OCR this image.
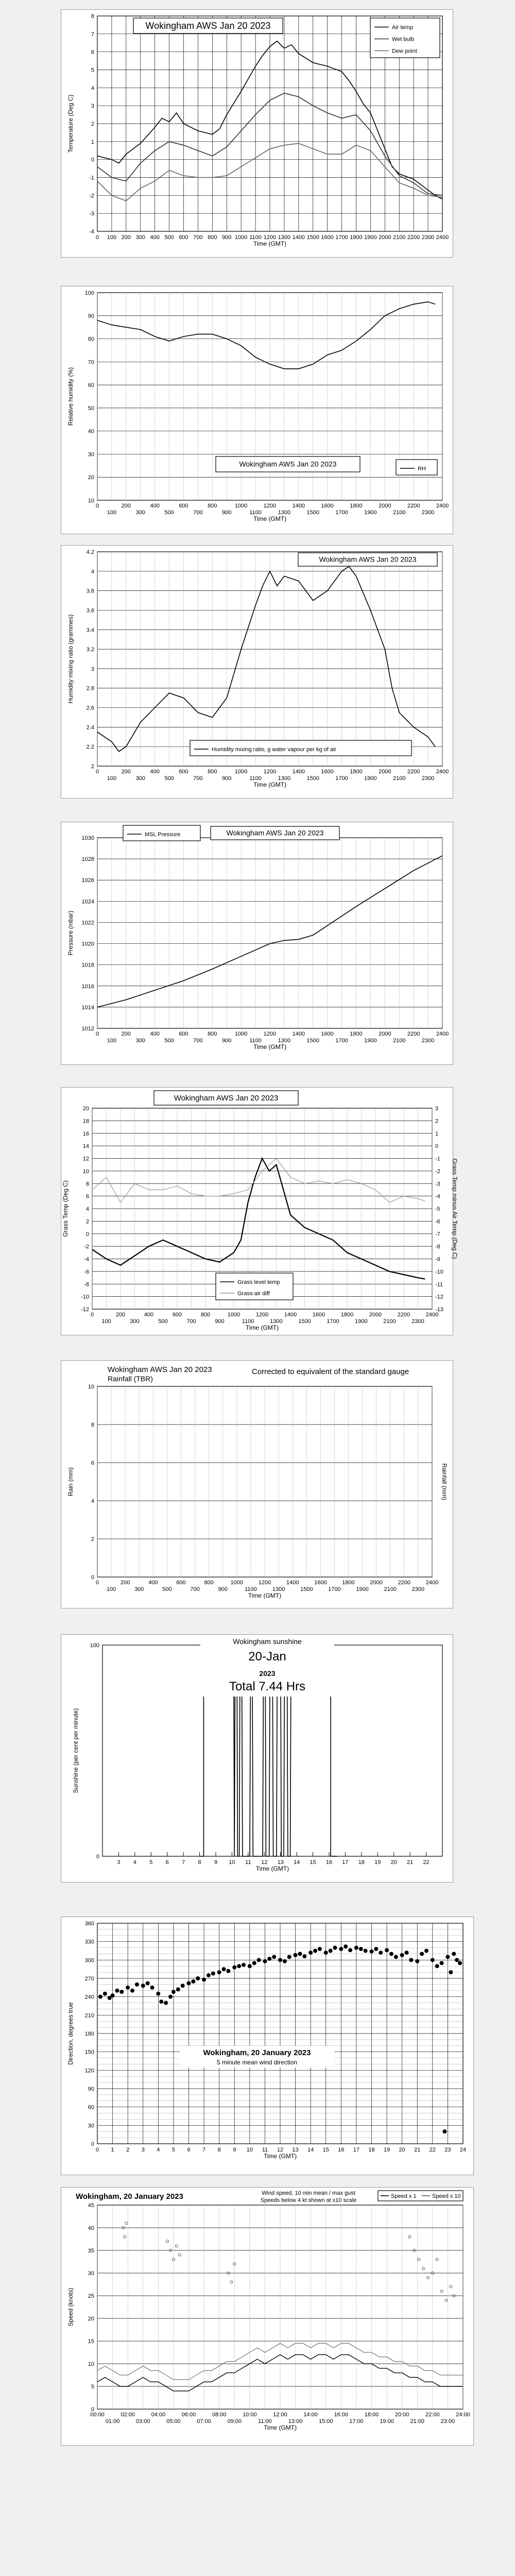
-4
-3
-2
-1
0
1
2
3
4
5
6
7
8
0 100 200 300 400 500 600 700 800 900 1000 1100 1200 1300 1400 1500 1600 1700 1800 1900 2000 2100 2200 2300 2400
Time (GMT)
Temperature (Deg C)
Wokingham AWS Jan 20 2023	Air temp
Wet bulb
Dew point
10
20
30
40
50
60
70
80
90
100
0	200	400	600	800	1000	1200	1400	1600	1800	2000	2200	2400
100	300	500	700	900	1100	1300	1500	1700	1900	2100	2300
Time (GMT)
Relative humidity (%)
Wokingham AWS Jan 20 2023
RH
2
2.2
2.4
2.6
2.8
3
3.2
3.4
3.6
3.8
4
4.2
0	200	400	600	800	1000	1200	1400	1600	1800	2000	2200	2400
100	300	500	700	900	1100	1300	1500	1700	1900	2100	2300
Time (GMT)
Humidity mixing ratio (grammes)
Wokingham AWS Jan 20 2023
Humidity mixing ratio, g water vapour per kg of air
1012
1014
1016
1018
1020
1022
1024
1026
1028
1030
0	200	400	600	800	1000	1200	1400	1600	1800	2000	2200	2400
100	300	500	700	900	1100	1300	1500	1700	1900	2100	2300
Time (GMT)
Pressure (mbar)
MSL Pressure	Wokingham AWS Jan 20 2023
-12
-10
-8
-6
-4
-2
0
2
4
6
8
10
12
14
16
18
20
0	200	400	600	800	1000	1200	1400	1600	1800	2000	2200	2400
100	300	500	700	900	1100	1300	1500	1700	1900	2100	2300
Time (GMT)
Grass Temp (Deg C)
-13
-12
-11
-10
-9
-8
-7
-6
-5
-4
-3
-2
-1
0
1
2
3
Grass Temp minus Air Temp (Deg C)
Wokingham AWS Jan 20 2023
Grass level temp
Grass-air diff
0
2
4
6
8
10
0	200	400	600	800	1000	1200	1400	1600	1800	2000	2200	2400
100	300	500	700	900	1100	1300	1500	1700	1900	2100	2300
Time (GMT)
Rain (mm)	Rainfall (mm)
Wokingham AWS Jan 20 2023
Rainfall (TBR)
Corrected to equivalent of the standard gauge
0
100
3 4 5 6 7 8 9 10 11 12 13 14 15 16 17 18 19 20 21 22
Time (GMT)
Sunshine (per cent per minute)
Wokingham sunshine
20-Jan
2023
Total 7.44 Hrs
0
30
60
90
120
150
180
210
240
270
300
330
360
0 1 2 3 4 5 6 7 8 9 10 11 12 13 14 15 16 17 18 19 20 21 22 23 24
Time (GMT)
Direction, degrees true	Wokingham, 20 January 2023
5 minute mean wind direction
0
5
10
15
20
25
30
35
40
45
00:00	02:00	04:00	06:00	08:00	10:00	12:00	14:00	16:00	18:00	20:00	22:00	24:00
01:00	03:00	05:00	07:00	09:00	11:00	13:00	15:00	17:00	19:00	21:00	23:00
Time (GMT)
Speed (knots)
Wokingham, 20 January 2023	Wind speed, 10 min mean / max gust
Speeds below 4 kt shown at x10 scale
Speed x 1	Speed x 10
